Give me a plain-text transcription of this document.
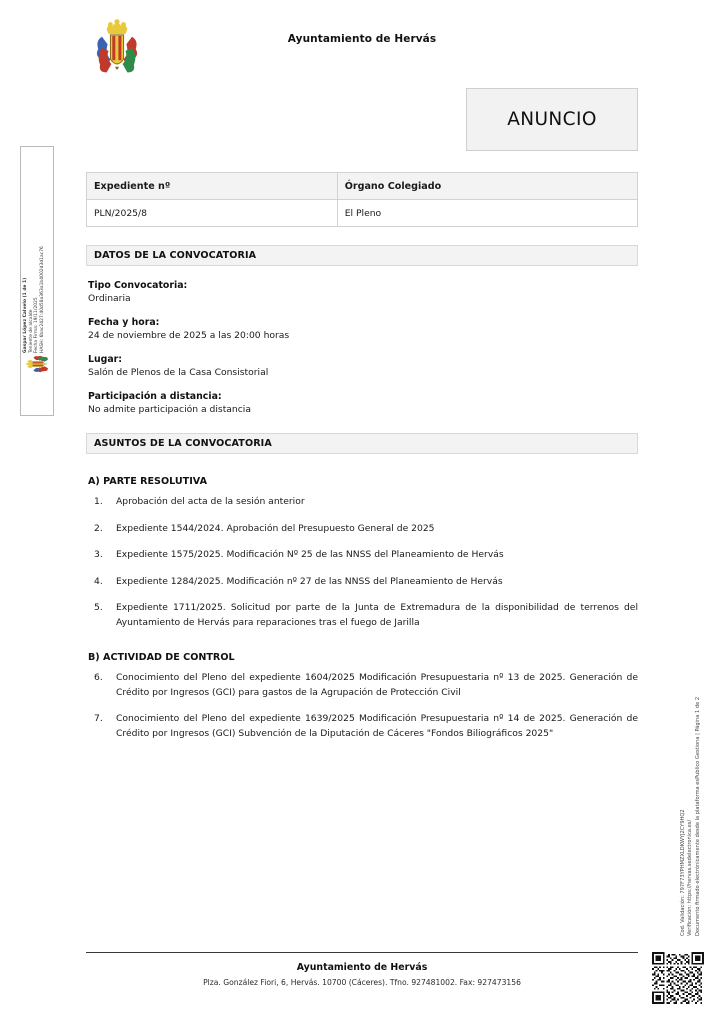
Gaspar López Calvelo (1 de 1) Teniente de alcalde Fecha Firma: 19/11/2025 HASH: 6bac2427:40d58a363a1b4002d3d1ac76
Cod. Validación: 797F73YPHMZXLDKWYJ2CY9HQ2 Verificación: https://hervas.sedelectronica.es/ Documento firmado electrónicamente desde la plataforma esPublico Gestiona | Página 1 de 2
Ayuntamiento de Hervás
ANUNCIO
Expediente nº	Órgano Colegiado
PLN/2025/8	El Pleno
DATOS DE LA CONVOCATORIA
Tipo Convocatoria:
Ordinaria
Fecha y hora:
24 de noviembre de 2025 a las 20:00 horas
Lugar:
Salón de Plenos de la Casa Consistorial
Participación a distancia:
No admite participación a distancia
ASUNTOS DE LA CONVOCATORIA
A) PARTE RESOLUTIVA
1.	Aprobación del acta de la sesión anterior
2.	Expediente 1544/2024. Aprobación del Presupuesto General de 2025
3.	Expediente 1575/2025. Modificación Nº 25 de las NNSS del Planeamiento de Hervás
4.	Expediente 1284/2025. Modificación nº 27 de las NNSS del Planeamiento de Hervás
5.	Expediente 1711/2025. Solicitud por parte de la Junta de Extremadura de la disponibilidad de terrenos del Ayuntamiento de Hervás para reparaciones tras el fuego de Jarilla
B) ACTIVIDAD DE CONTROL
6.	Conocimiento del Pleno del expediente 1604/2025 Modificación Presupuestaria nº 13 de 2025. Generación de Crédito por Ingresos (GCI) para gastos de la Agrupación de Protección Civil
7.	Conocimiento del Pleno del expediente 1639/2025 Modificación Presupuestaria nº 14 de 2025. Generación de Crédito por Ingresos (GCI) Subvención de la Diputación de Cáceres "Fondos Biliográficos 2025"
Ayuntamiento de Hervás
Plza. González Fiori, 6, Hervás. 10700 (Cáceres). Tfno. 927481002. Fax: 927473156
